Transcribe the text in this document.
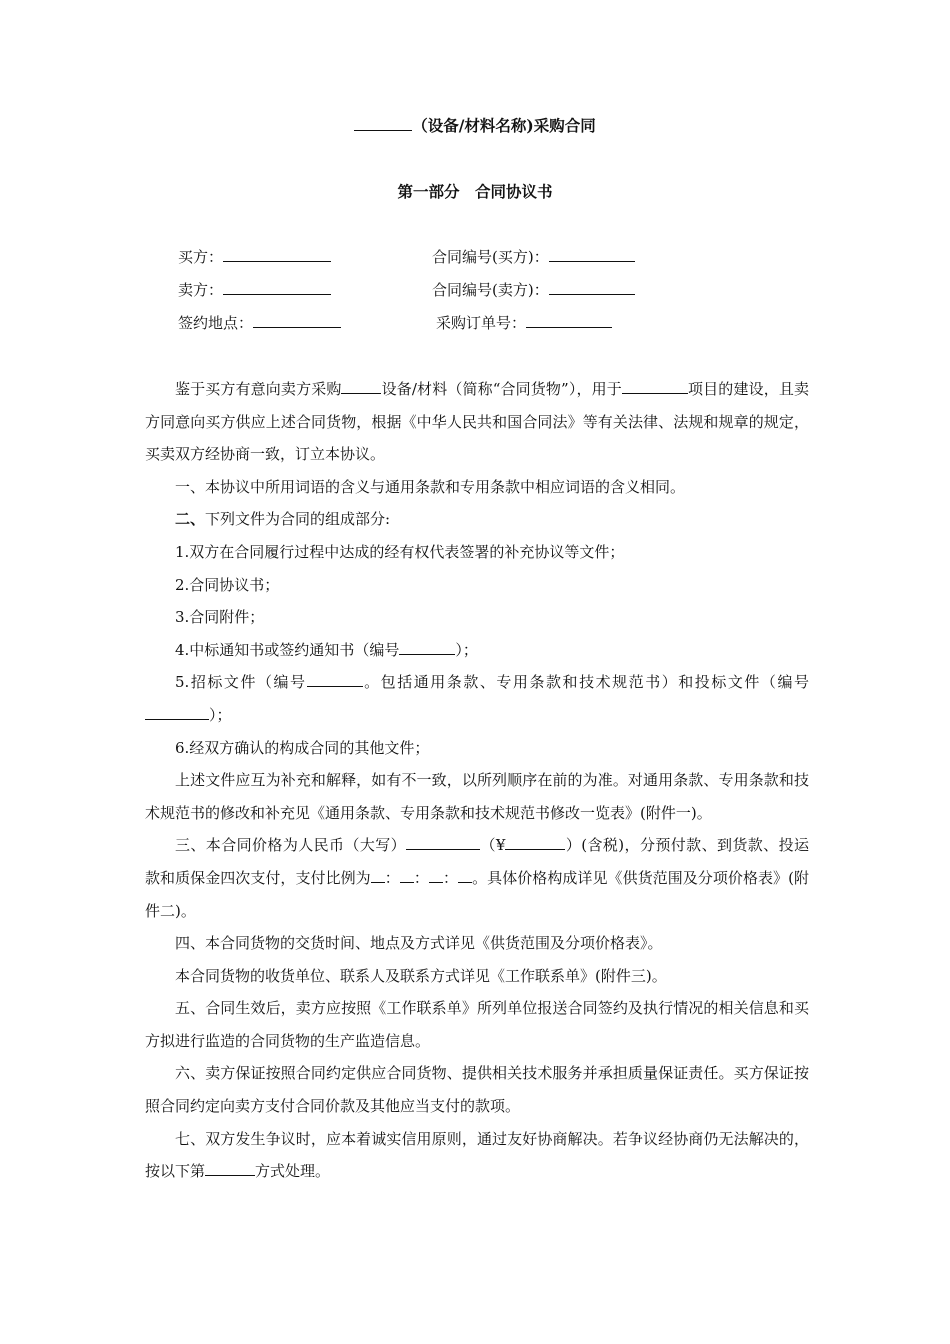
（设备/材料名称)采购合同
第一部分　合同协议书
买方：	合同编号(买方)：
卖方：	合同编号(卖方)：
签约地点：	采购订单号：

鉴于买方有意向卖方采购	设备/材料（简称“合同货物”），用于	项目的建设，且卖方同意向买方供应上述合同货物，根据《中华人民共和国合同法》等有关法律、法规和规章的规定，买卖双方经协商一致，订立本协议。

一、本协议中所用词语的含义与通用条款和专用条款中相应词语的含义相同。

二、下列文件为合同的组成部分:

1.双方在合同履行过程中达成的经有权代表签署的补充协议等文件；

2.合同协议书；

3.合同附件；

4.中标通知书或签约通知书（编号	）；

5.招标文件（编号	。包括通用条款、专用条款和技术规范书）和投标文件（编号）；

6.经双方确认的构成合同的其他文件；

上述文件应互为补充和解释，如有不一致，以所列顺序在前的为准。对通用条款、专用条款和技术规范书的修改和补充见《通用条款、专用条款和技术规范书修改一览表》(附件一)。

三、本合同价格为人民币（大写）	（¥	）(含税)，分预付款、到货款、投运款和质保金四次支付，支付比例为 ： ： ： 。具体价格构成详见《供货范围及分项价格表》(附件二)。

四、本合同货物的交货时间、地点及方式详见《供货范围及分项价格表》。

本合同货物的收货单位、联系人及联系方式详见《工作联系单》(附件三)。

五、合同生效后，卖方应按照《工作联系单》所列单位报送合同签约及执行情况的相关信息和买方拟进行监造的合同货物的生产监造信息。

六、卖方保证按照合同约定供应合同货物、提供相关技术服务并承担质量保证责任。买方保证按照合同约定向卖方支付合同价款及其他应当支付的款项。

七、双方发生争议时，应本着诚实信用原则，通过友好协商解决。若争议经协商仍无法解决的，按以下第	方式处理。
